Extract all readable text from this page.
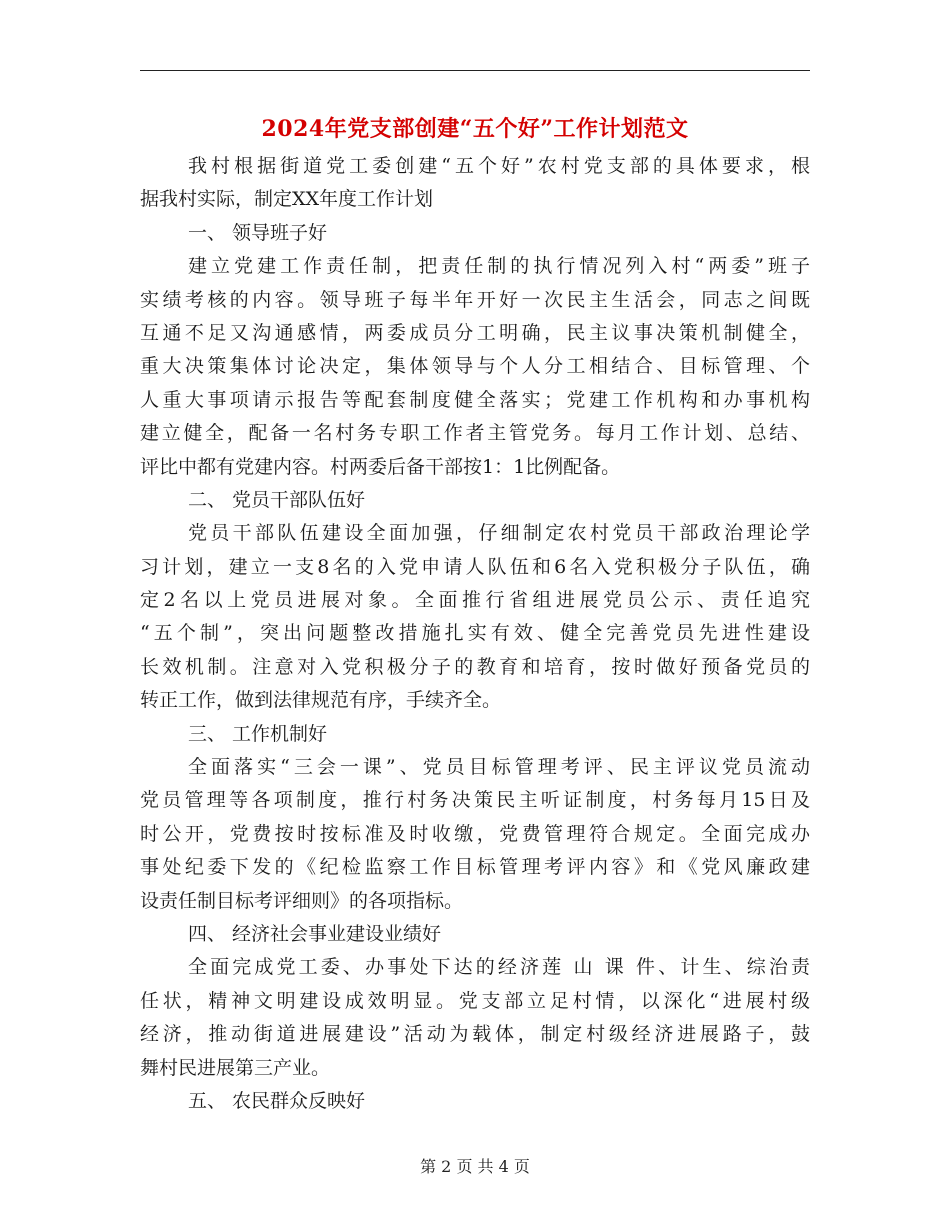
2024年党支部创建“五个好”工作计划范文
我村根据街道党工委创建“五个好”农村党支部的具体要求，根
据我村实际，制定XX年度工作计划
一、 领导班子好
建立党建工作责任制，把责任制的执行情况列入村“两委”班子
实绩考核的内容。领导班子每半年开好一次民主生活会，同志之间既
互通不足又沟通感情，两委成员分工明确，民主议事决策机制健全，
重大决策集体讨论决定，集体领导与个人分工相结合、目标管理、个
人重大事项请示报告等配套制度健全落实；党建工作机构和办事机构
建立健全，配备一名村务专职工作者主管党务。每月工作计划、总结、
评比中都有党建内容。村两委后备干部按1：1比例配备。
二、 党员干部队伍好
党员干部队伍建设全面加强，仔细制定农村党员干部政治理论学
习计划，建立一支8名的入党申请人队伍和6名入党积极分子队伍，确
定2名以上党员进展对象。全面推行省组进展党员公示、责任追究
“五个制”，突出问题整改措施扎实有效、健全完善党员先进性建设
长效机制。注意对入党积极分子的教育和培育，按时做好预备党员的
转正工作，做到法律规范有序，手续齐全。
三、 工作机制好
全面落实“三会一课”、党员目标管理考评、民主评议党员流动
党员管理等各项制度，推行村务决策民主听证制度，村务每月15日及
时公开，党费按时按标准及时收缴，党费管理符合规定。全面完成办
事处纪委下发的《纪检监察工作目标管理考评内容》和《党风廉政建
设责任制目标考评细则》的各项指标。
四、 经济社会事业建设业绩好
全面完成党工委、办事处下达的经济莲 山 课 件、计生、综治责
任状，精神文明建设成效明显。党支部立足村情，以深化“进展村级
经济，推动街道进展建设”活动为载体，制定村级经济进展路子，鼓
舞村民进展第三产业。
五、 农民群众反映好
第 2 页 共 4 页
